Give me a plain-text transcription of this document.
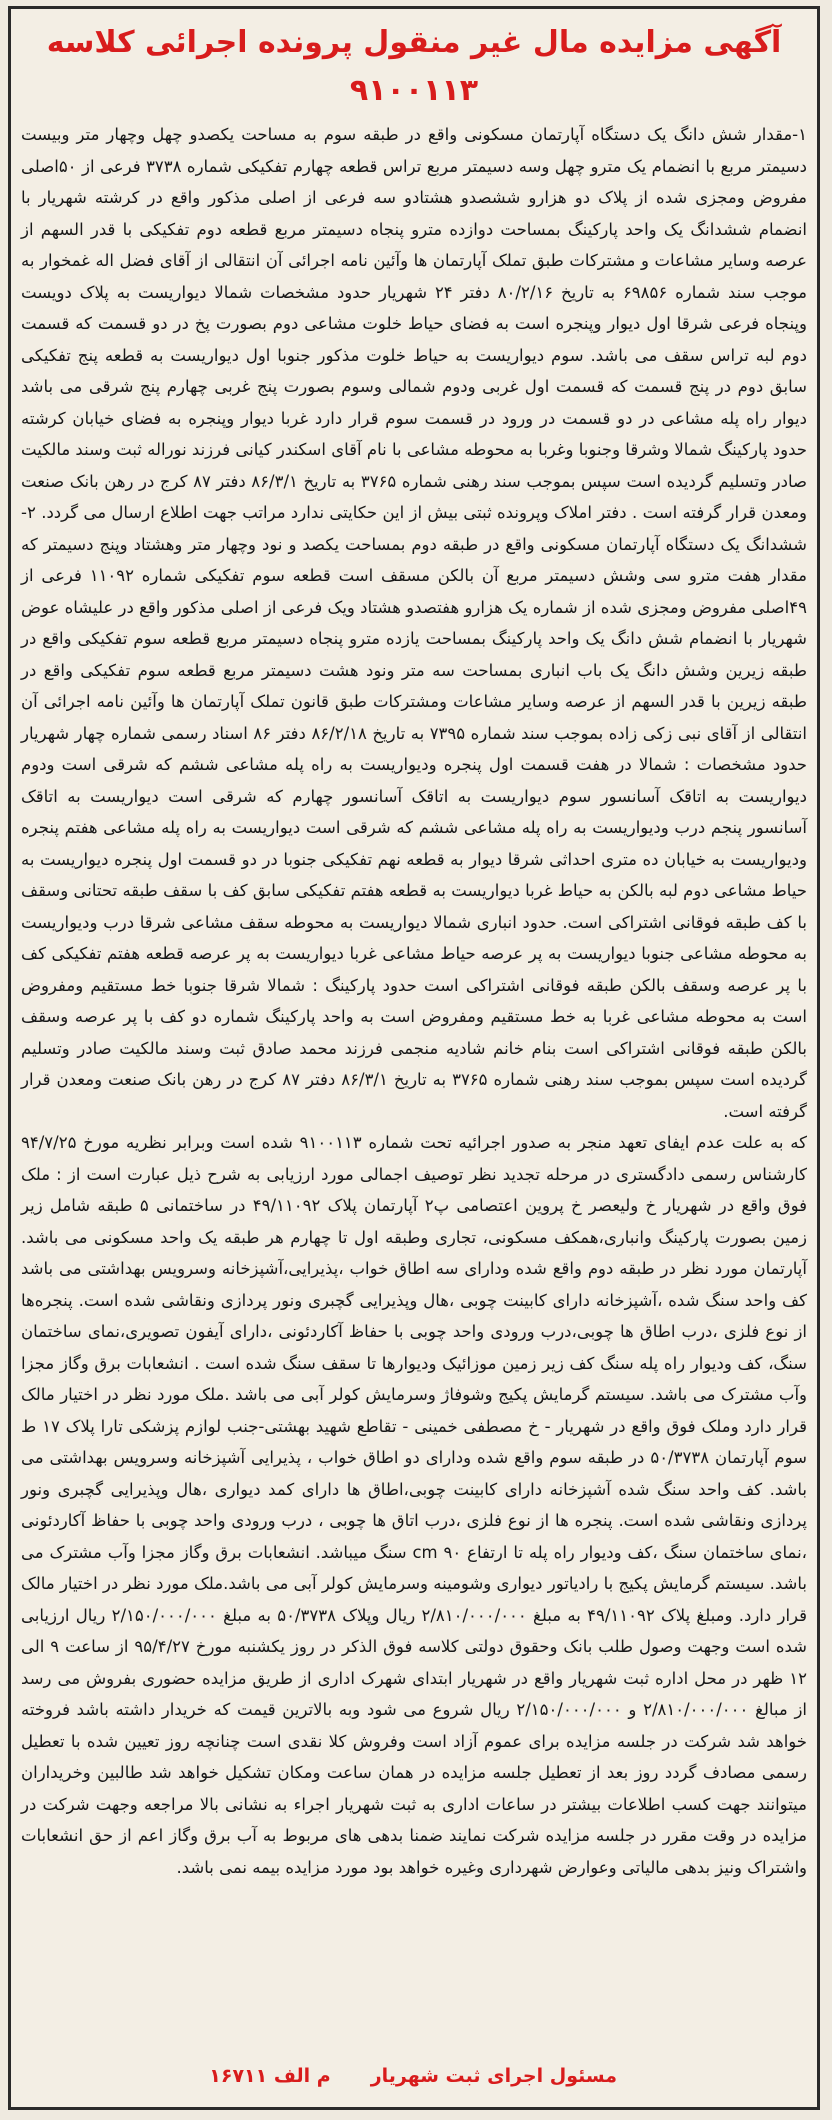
آگهی مزایده مال غیر منقول پرونده اجرائی کلاسه ۹۱۰۰۱۱۳

۱-مقدار شش دانگ یک دستگاه آپارتمان مسکونی واقع در طبقه سوم به مساحت یکصدو چهل وچهار متر وبیست دسیمتر مربع با انضمام یک مترو چهل وسه دسیمتر مربع تراس قطعه چهارم تفکیکی شماره ۳۷۳۸ فرعی از ۵۰اصلی مفروض ومجزی شده از پلاک دو هزارو ششصدو هشتادو سه فرعی از اصلی مذکور واقع در کرشته شهریار با انضمام ششدانگ یک واحد پارکینگ بمساحت دوازده مترو پنجاه دسیمتر مربع قطعه دوم تفکیکی با قدر السهم از عرصه وسایر مشاعات و مشترکات طبق تملک آپارتمان ها وآئین نامه اجرائی آن انتقالی از آقای فضل اله غمخوار به موجب سند شماره ۶۹۸۵۶ به تاریخ ۸۰/۲/۱۶ دفتر ۲۴ شهریار حدود مشخصات شمالا دیواریست به پلاک دویست وپنجاه فرعی شرقا اول دیوار وپنجره است به فضای حیاط خلوت مشاعی دوم بصورت پخ در دو قسمت که قسمت دوم لبه تراس سقف می باشد. سوم دیواریست به حیاط خلوت مذکور جنوبا اول دیواریست به قطعه پنج تفکیکی سابق دوم در پنج قسمت که قسمت اول غربی ودوم شمالی وسوم بصورت پنج غربی چهارم پنج شرقی می باشد دیوار راه پله مشاعی در دو قسمت در ورود در قسمت سوم قرار دارد غربا دیوار وپنجره به فضای خیابان کرشته حدود پارکینگ شمالا وشرقا وجنوبا وغربا به محوطه مشاعی با نام آقای اسکندر کیانی فرزند نوراله ثبت وسند مالکیت صادر وتسلیم گردیده است سپس بموجب سند رهنی شماره ۳۷۶۵ به تاریخ ۸۶/۳/۱ دفتر ۸۷ کرج در رهن بانک صنعت ومعدن قرار گرفته است . دفتر املاک وپرونده ثبتی بیش از این حکایتی ندارد مراتب جهت اطلاع ارسال می گردد. ۲- ششدانگ یک دستگاه آپارتمان مسکونی واقع در طبقه دوم بمساحت یکصد و نود وچهار متر وهشتاد وپنج دسیمتر که مقدار هفت مترو سی وشش دسیمتر مربع آن بالکن مسقف است قطعه سوم تفکیکی شماره ۱۱۰۹۲ فرعی از ۴۹اصلی مفروض ومجزی شده از شماره یک هزارو هفتصدو هشتاد ویک فرعی از اصلی مذکور واقع در علیشاه عوض شهریار با انضمام شش دانگ یک واحد پارکینگ بمساحت یازده مترو پنجاه دسیمتر مربع قطعه سوم تفکیکی واقع در طبقه زیرین وشش دانگ یک باب انباری بمساحت سه متر ونود هشت دسیمتر مربع قطعه سوم تفکیکی واقع در طبقه زیرین با قدر السهم از عرصه وسایر مشاعات ومشترکات طبق قانون تملک آپارتمان ها وآئین نامه اجرائی آن انتقالی از آقای نبی زکی زاده بموجب سند شماره ۷۳۹۵ به تاریخ ۸۶/۲/۱۸ دفتر ۸۶ اسناد رسمی شماره چهار شهریار حدود مشخصات : شمالا در هفت قسمت اول پنجره ودیواریست به راه پله مشاعی ششم که شرقی است ودوم دیواریست به اتاقک آسانسور سوم دیواریست به اتاقک آسانسور چهارم که شرقی است دیواریست به اتاقک آسانسور پنجم درب ودیواریست به راه پله مشاعی ششم که شرقی است دیواریست به راه پله مشاعی هفتم پنجره ودیواریست به خیابان ده متری احداثی شرقا دیوار به قطعه نهم تفکیکی جنوبا در دو قسمت اول پنجره دیواریست به حیاط مشاعی دوم لبه بالکن به حیاط غربا دیواریست به قطعه هفتم تفکیکی سابق کف با سقف طبقه تحتانی وسقف با کف طبقه فوقانی اشتراکی است. حدود انباری شمالا دیواریست به محوطه سقف مشاعی شرقا درب ودیواریست به محوطه مشاعی جنوبا دیواریست به پر عرصه حیاط مشاعی غربا دیواریست به پر عرصه قطعه هفتم تفکیکی کف با پر عرصه وسقف بالکن طبقه فوقانی اشتراکی است حدود پارکینگ : شمالا شرقا جنوبا خط مستقیم ومفروض است به محوطه مشاعی غربا به خط مستقیم ومفروض است به واحد پارکینگ شماره دو کف با پر عرصه وسقف بالکن طبقه فوقانی اشتراکی است بنام خانم شادیه منجمی فرزند محمد صادق ثبت وسند مالکیت صادر وتسلیم گردیده است سپس بموجب سند رهنی شماره ۳۷۶۵ به تاریخ ۸۶/۳/۱ دفتر ۸۷ کرج در رهن بانک صنعت ومعدن قرار گرفته است.

که به علت عدم ایفای تعهد منجر به صدور اجرائیه تحت شماره ۹۱۰۰۱۱۳ شده است وبرابر نظریه مورخ ۹۴/۷/۲۵ کارشناس رسمی دادگستری در مرحله تجدید نظر توصیف اجمالی مورد ارزیابی به شرح ذیل عبارت است از : ملک فوق واقع در شهریار خ ولیعصر خ پروین اعتصامی پ۲ آپارتمان پلاک ۴۹/۱۱۰۹۲ در ساختمانی ۵ طبقه شامل زیر زمین بصورت پارکینگ وانباری،همکف مسکونی، تجاری وطبقه اول تا چهارم هر طبقه یک واحد مسکونی می باشد. آپارتمان مورد نظر در طبقه دوم واقع شده ودارای سه اطاق خواب ،پذیرایی،آشپزخانه وسرویس بهداشتی می باشد کف واحد سنگ شده ،آشپزخانه دارای کابینت چوبی ،هال وپذیرایی گچبری ونور پردازی ونقاشی شده است. پنجره‌ها از نوع فلزی ،درب اطاق ها چوبی،درب ورودی واحد چوبی با حفاظ آکاردئونی ،دارای آیفون تصویری،نمای ساختمان سنگ، کف ودیوار راه پله سنگ کف زیر زمین موزائیک ودیوارها تا سقف سنگ شده است . انشعابات برق وگاز مجزا وآب مشترک می باشد. سیستم گرمایش پکیج وشوفاژ وسرمایش کولر آبی می باشد .ملک مورد نظر در اختیار مالک قرار دارد وملک فوق واقع در شهریار - خ مصطفی خمینی - تقاطع شهید بهشتی-جنب لوازم پزشکی تارا پلاک ۱۷ ط سوم آپارتمان ۵۰/۳۷۳۸ در طبقه سوم واقع شده ودارای دو اطاق خواب ، پذیرایی آشپزخانه وسرویس بهداشتی می باشد. کف واحد سنگ شده آشپزخانه دارای کابینت چوبی،اطاق ها دارای کمد دیواری ،هال وپذیرایی گچبری ونور پردازی ونقاشی شده است. پنجره ها از نوع فلزی ،درب اتاق ها چوبی ، درب ورودی واحد چوبی با حفاظ آکاردئونی ،نمای ساختمان سنگ ،کف ودیوار راه پله تا ارتفاع ۹۰ cm سنگ میباشد. انشعابات برق وگاز مجزا وآب مشترک می باشد. سیستم گرمایش پکیج با رادیاتور دیواری وشومینه وسرمایش کولر آبی می باشد.ملک مورد نظر در اختیار مالک قرار دارد. ومبلغ پلاک ۴۹/۱۱۰۹۲ به مبلغ ۲/۸۱۰/۰۰۰/۰۰۰ ریال وپلاک ۵۰/۳۷۳۸ به مبلغ ۲/۱۵۰/۰۰۰/۰۰۰ ریال ارزیابی شده است وجهت وصول طلب بانک وحقوق دولتی کلاسه فوق الذکر در روز یکشنبه مورخ ۹۵/۴/۲۷ از ساعت ۹ الی ۱۲ ظهر در محل اداره ثبت شهریار واقع در شهریار ابتدای شهرک اداری از طریق مزایده حضوری بفروش می رسد از مبالغ ۲/۸۱۰/۰۰۰/۰۰۰ و ۲/۱۵۰/۰۰۰/۰۰۰ ریال شروع می شود وبه بالاترین قیمت که خریدار داشته باشد فروخته خواهد شد شرکت در جلسه مزایده برای عموم آزاد است وفروش کلا نقدی است چنانچه روز تعیین شده با تعطیل رسمی مصادف گردد روز بعد از تعطیل جلسه مزایده در همان ساعت ومکان تشکیل خواهد شد طالبین وخریداران میتوانند جهت کسب اطلاعات بیشتر در ساعات اداری به ثبت شهریار اجراء به نشانی بالا مراجعه وجهت شرکت در مزایده در وقت مقرر در جلسه مزایده شرکت نمایند ضمنا بدهی های مربوط به آب برق وگاز اعم از حق انشعابات واشتراک ونیز بدهی مالیاتی وعوارض شهرداری وغیره خواهد بود مورد مزایده بیمه نمی باشد.

مسئول اجرای ثبت شهریار
م الف ۱۶۷۱۱
